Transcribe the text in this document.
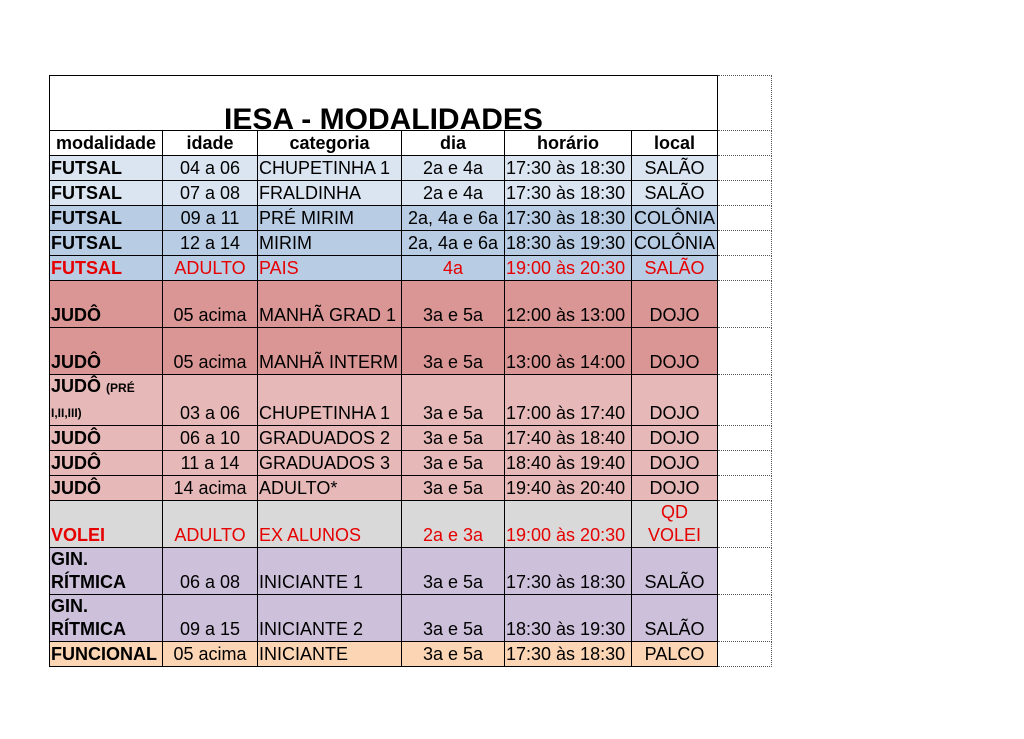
IESA - MODALIDADES						
modalidade	idade	categoria	dia	horário	local	
FUTSAL	04 a 06	CHUPETINHA 1	2a e 4a	17:30 às 18:30	SALÃO	
FUTSAL	07 a 08	FRALDINHA	2a e 4a	17:30 às 18:30	SALÃO	
FUTSAL	09 a 11	PRÉ MIRIM	2a, 4a e 6a	17:30 às 18:30	COLÔNIA	
FUTSAL	12 a 14	MIRIM	2a, 4a e 6a	18:30 às 19:30	COLÔNIA	
FUTSAL	ADULTO	PAIS	4a	19:00 às 20:30	SALÃO	
JUDÔ	05 acima	MANHÃ GRAD 1	3a e 5a	12:00 às 13:00	DOJO	
JUDÔ	05 acima	MANHÃ INTERM	3a e 5a	13:00 às 14:00	DOJO	
JUDÔ (PRÉ I,II,III)	03 a 06	CHUPETINHA 1	3a e 5a	17:00 às 17:40	DOJO	
JUDÔ	06 a 10	GRADUADOS 2	3a e 5a	17:40 às 18:40	DOJO	
JUDÔ	11 a 14	GRADUADOS 3	3a e 5a	18:40 às 19:40	DOJO	
JUDÔ	14 acima	ADULTO*	3a e 5a	19:40 às 20:40	DOJO	
VOLEI	ADULTO	EX ALUNOS	2a e 3a	19:00 às 20:30	QD VOLEI	
GIN. RÍTMICA	06 a 08	INICIANTE 1	3a e 5a	17:30 às 18:30	SALÃO	
GIN. RÍTMICA	09 a 15	INICIANTE 2	3a e 5a	18:30 às 19:30	SALÃO	
FUNCIONAL	05 acima	INICIANTE	3a e 5a	17:30 às 18:30	PALCO	
